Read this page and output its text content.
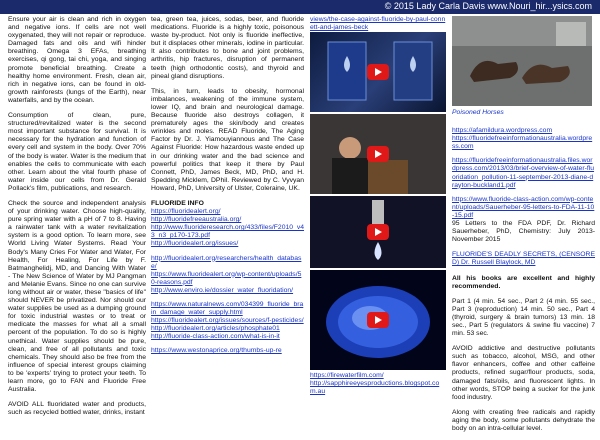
© 2015 Lady Carla Davis www.Nouri_hir...ysics.com

Ensure your air is clean and rich in oxygen and negative ions. If cells are not well oxygenated, they will not repair or reproduce. Damaged fats and oils and wifi hinder breathing. Omega 3 EFAs, breathing exercises, qi gong, tai chi, yoga, and singing promote beneficial breathing. Create a healthy home environment. Fresh, clean air, rich in negative ions, can be found in old-growth rainforests (lungs of the Earth), near waterfalls, and by the ocean.

Consumption of clean, pure, structured/revitalized water is the second most important substance for survival. It is necessary for the hydration and function of every cell and system in the body. Over 70% of the body is water. Water is the medium that enables the cells to communicate with each other. Learn about the vital fourth phase of water inside our cells from Dr. Gerald Pollack's film, publications, and research.

Check the source and independent analysis of your drinking water. Choose high-quality, pure spring water with a pH of 7 to 8. Having a rainwater tank with a water revitalization system is a good option. To learn more, see World Living Water Systems. Read Your Body's Many Cries For Water and Water, For Health, For Healing, For Life by F. Batmanghelidj, MD, and Dancing With Water - The New Science of Water by MJ Pangman and Melanie Evans. Since no one can survive long without air or water, these "basics of life" should NEVER be privatized. Nor should our water supplies be used as a dumping ground for toxic industrial wastes or to treat or medicate the masses for what all a small percent of the population. To do so is highly unethical. Water supplies should be pure, clean, and free of all pollutants and toxic chemicals. They should also be free from the influence of special interest groups claiming to be 'experts' trying to protect your teeth. To learn more, go to FAN and Fluoride Free Australia.

AVOID ALL fluoridated water and products, such as recycled bottled water, drinks, instant

tea, green tea, juices, sodas, beer, and fluoride medications. Fluoride is a highly toxic, poisonous waste by-product. Not only is fluoride ineffective, but it displaces other minerals, iodine in particular. It also contributes to bone and joint problems, arthritis, hip fractures, disruption of permanent teeth (high orthodontic costs), and thyroid and pineal gland disruptions.

This, in turn, leads to obesity, hormonal imbalances, weakening of the immune system, lower IQ, and brain and neurological damage. Because fluoride also destroys collagen, it prematurely ages the skin/body and creates wrinkles and moles. READ Fluoride, The Aging Factor by Dr. J. Yiamouyiannous and The Case Against Fluoride: How hazardous waste ended up in our drinking water and the bad science and powerful politics that keep it there by Paul Connett, PhD, James Beck, MD, PhD, and H. Spedding Micklem, DPhil. Reviewed by C. Vyvyan Howard, PhD, University of Ulster, Coleraine, UK.

FLUORIDE INFO
https://fluoridealert.org/
http://fluoridefreeaustralia.org/
http://www.fluorideresearch.org/433/files/F2010_v43_n3_p170-173.pdf
http://fluoridealert.org/issues/
http://fluoridealert.org/researchers/health_database/
https://www.fluoridealert.org/wp-content/uploads/50-reasons.pdf
http://www.enviro.ie/dossier_water_fluoridation/
https://www.naturalnews.com/034399_fluoride_brain_damage_water_supply.html
https://fluoridealert.org/issues/sources/f-pesticides/
http://fluoridealert.org/articles/phosphate01
http://fluoride-class-action.com/what-is-in-it
https://www.westonaprice.org/thumbs-up-re
views/the-case-against-fluoride-by-paul-connett-and-james-beck
https://firewaterfilm.com/
http://sapphireeyesproductions.blogspot.com.au
Poisoned Horses
https://afamildura.wordpress.com
https://fluoridefreeinformationaustralia.wordpress.com
https://fluoridefreeinformationaustralia.files.wordpress.com/2013/03/brief-overview-of-water-fluoridation_pollution-11-september-2013-diane-drayton-buckland1.pdf
https://www.fluoride-class-action.com/wp-content/uploads/Sauerheber-95-letters-to-FDA-11-10-15.pdf

95 Letters to the FDA PDF, Dr. Richard Sauerheber, PhD, Chemistry: July 2013-November 2015

FLUORIDE'S DEADLY SECRETS, (CENSORED) Dr. Russell Blaylock, MD

All his books are excellent and highly recommended.

Part 1 (4 min. 54 sec., Part 2 (4 min. 55 sec., Part 3 (reproduction) 14 min. 50 sec., Part 4 (thyroid, surgery & brain tumors) 13 min. 18 sec., Part 5 (regulators & swine flu vaccine) 7 min. 53 sec.

AVOID addictive and destructive pollutants such as tobacco, alcohol, MSG, and other flavor enhancers, coffee and other caffeine products, refined sugar/flour products, soda, damaged fats/oils, and fluorescent lights. In other words, STOP being a sucker for the junk food industry.

Along with creating free radicals and rapidly aging the body, some pollutants dehydrate the body on an intra-cellular level.
